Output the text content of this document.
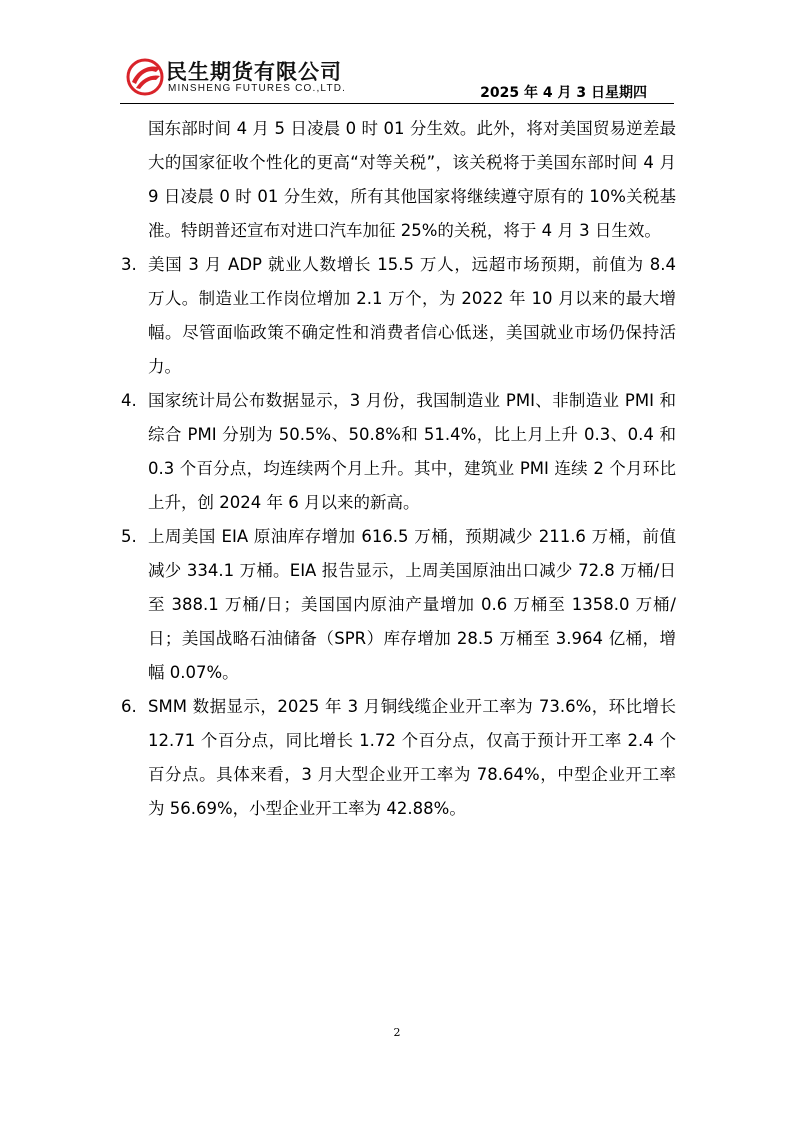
民生期货有限公司
MINSHENG FUTURES CO.,LTD.	2025 年 4 月 3 日星期四
国东部时间 4 月 5 日凌晨 0 时 01 分生效。此外，将对美国贸易逆差最大的国家征收个性化的更高“对等关税”，该关税将于美国东部时间 4 月 9 日凌晨 0 时 01 分生效，所有其他国家将继续遵守原有的 10%关税基准。特朗普还宣布对进口汽车加征 25%的关税，将于 4 月 3 日生效。
3. 美国 3 月 ADP 就业人数增长 15.5 万人，远超市场预期，前值为 8.4 万人。制造业工作岗位增加 2.1 万个，为 2022 年 10 月以来的最大增幅。尽管面临政策不确定性和消费者信心低迷，美国就业市场仍保持活力。
4. 国家统计局公布数据显示，3 月份，我国制造业 PMI、非制造业 PMI 和综合 PMI 分别为 50.5%、50.8%和 51.4%，比上月上升 0.3、0.4 和 0.3 个百分点，均连续两个月上升。其中，建筑业 PMI 连续 2 个月环比上升，创 2024 年 6 月以来的新高。
5. 上周美国 EIA 原油库存增加 616.5 万桶，预期减少 211.6 万桶，前值减少 334.1 万桶。EIA 报告显示，上周美国原油出口减少 72.8 万桶/日至 388.1 万桶/日；美国国内原油产量增加 0.6 万桶至 1358.0 万桶/日；美国战略石油储备（SPR）库存增加 28.5 万桶至 3.964 亿桶，增幅 0.07%。
6. SMM 数据显示，2025 年 3 月铜线缆企业开工率为 73.6%，环比增长 12.71 个百分点，同比增长 1.72 个百分点，仅高于预计开工率 2.4 个百分点。具体来看，3 月大型企业开工率为 78.64%，中型企业开工率为 56.69%，小型企业开工率为 42.88%。
2
